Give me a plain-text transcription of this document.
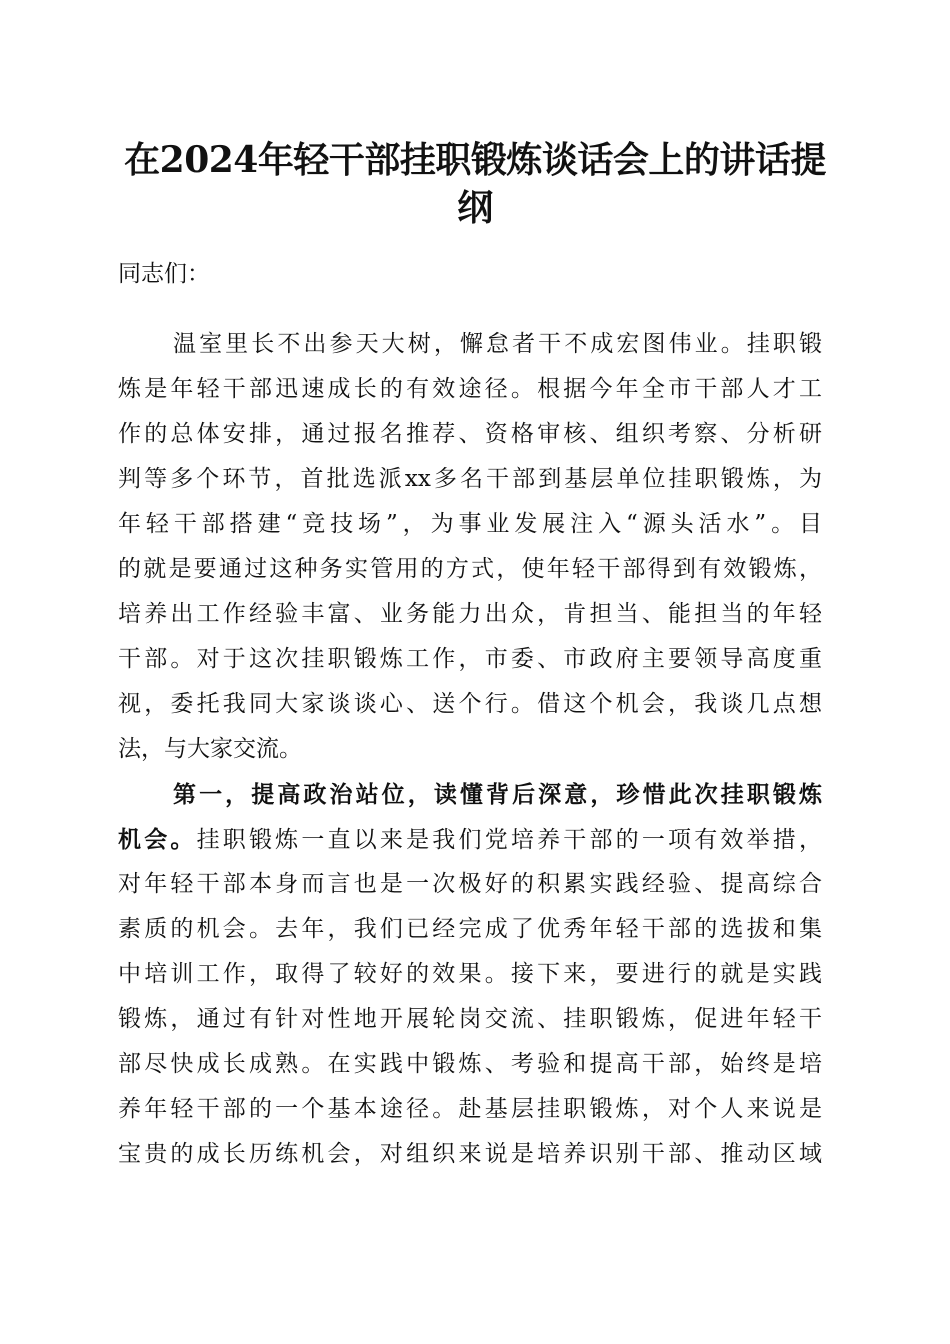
在2024年轻干部挂职锻炼谈话会上的讲话提
纲
同志们：
温室里长不出参天大树，懈怠者干不成宏图伟业。挂职锻
炼是年轻干部迅速成长的有效途径。根据今年全市干部人才工
作的总体安排，通过报名推荐、资格审核、组织考察、分析研
判等多个环节，首批选派xx多名干部到基层单位挂职锻炼，为
年轻干部搭建“竞技场”，为事业发展注入“源头活水”。目
的就是要通过这种务实管用的方式，使年轻干部得到有效锻炼，
培养出工作经验丰富、业务能力出众，肯担当、能担当的年轻
干部。对于这次挂职锻炼工作，市委、市政府主要领导高度重
视，委托我同大家谈谈心、送个行。借这个机会，我谈几点想
法，与大家交流。
第一，提高政治站位，读懂背后深意，珍惜此次挂职锻炼
机会。挂职锻炼一直以来是我们党培养干部的一项有效举措，
对年轻干部本身而言也是一次极好的积累实践经验、提高综合
素质的机会。去年，我们已经完成了优秀年轻干部的选拔和集
中培训工作，取得了较好的效果。接下来，要进行的就是实践
锻炼，通过有针对性地开展轮岗交流、挂职锻炼，促进年轻干
部尽快成长成熟。在实践中锻炼、考验和提高干部，始终是培
养年轻干部的一个基本途径。赴基层挂职锻炼，对个人来说是
宝贵的成长历练机会，对组织来说是培养识别干部、推动区域
